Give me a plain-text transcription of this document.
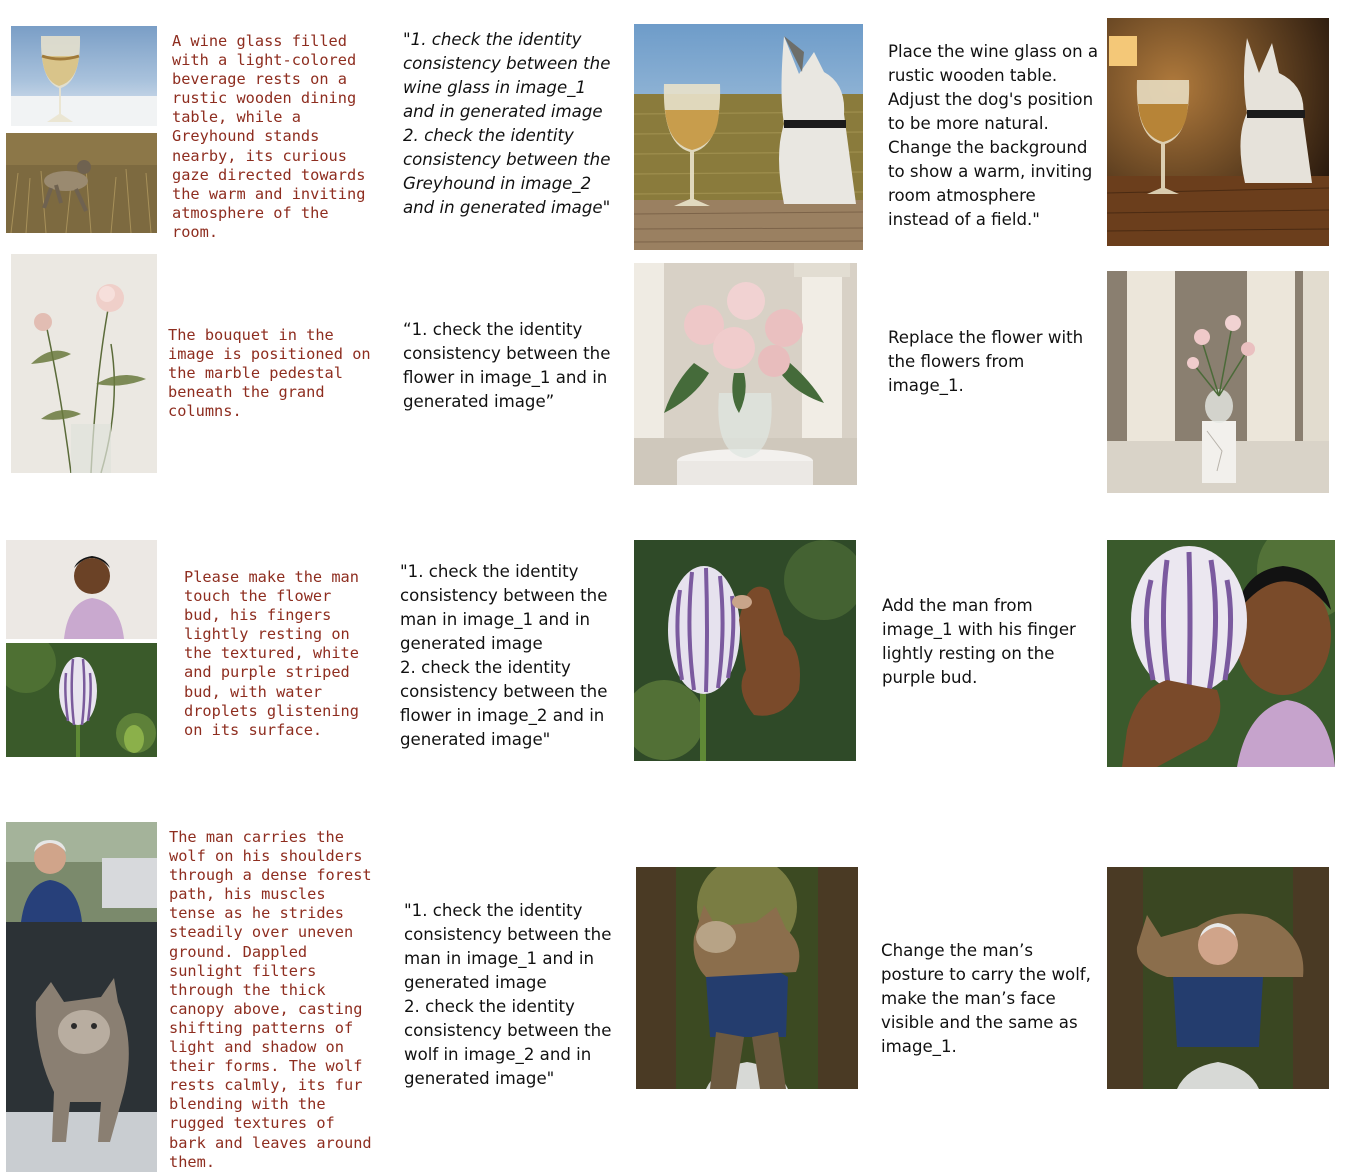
A wine glass filled
with a light-colored
beverage rests on a
rustic wooden dining
table, while a
Greyhound stands
nearby, its curious
gaze directed towards
the warm and inviting
atmosphere of the
room.
"1. check the identity
consistency between the
wine glass in image_1
and in generated image
2. check the identity
consistency between the
Greyhound in image_2
and in generated image"
Place the wine glass on a
rustic wooden table.
Adjust the dog's position
to be more natural.
Change the background
to show a warm, inviting
room atmosphere
instead of a field."
The bouquet in the
image is positioned on
the marble pedestal
beneath the grand
columns.
“1. check the identity
consistency between the
flower in image_1 and in
generated image”
Replace the flower with
the flowers from
image_1.
Please make the man
touch the flower
bud, his fingers
lightly resting on
the textured, white
and purple striped
bud, with water
droplets glistening
on its surface.
"1. check the identity
consistency between the
man in image_1 and in
generated image
2. check the identity
consistency between the
flower in image_2 and in
generated image"
Add the man from
image_1 with his finger
lightly resting on the
purple bud.
The man carries the
wolf on his shoulders
through a dense forest
path, his muscles
tense as he strides
steadily over uneven
ground. Dappled
sunlight filters
through the thick
canopy above, casting
shifting patterns of
light and shadow on
their forms. The wolf
rests calmly, its fur
blending with the
rugged textures of
bark and leaves around
them.
"1. check the identity
consistency between the
man in image_1 and in
generated image
2. check the identity
consistency between the
wolf in image_2 and in
generated image"
Change the man’s
posture to carry the wolf,
make the man’s face
visible and the same as
image_1.
